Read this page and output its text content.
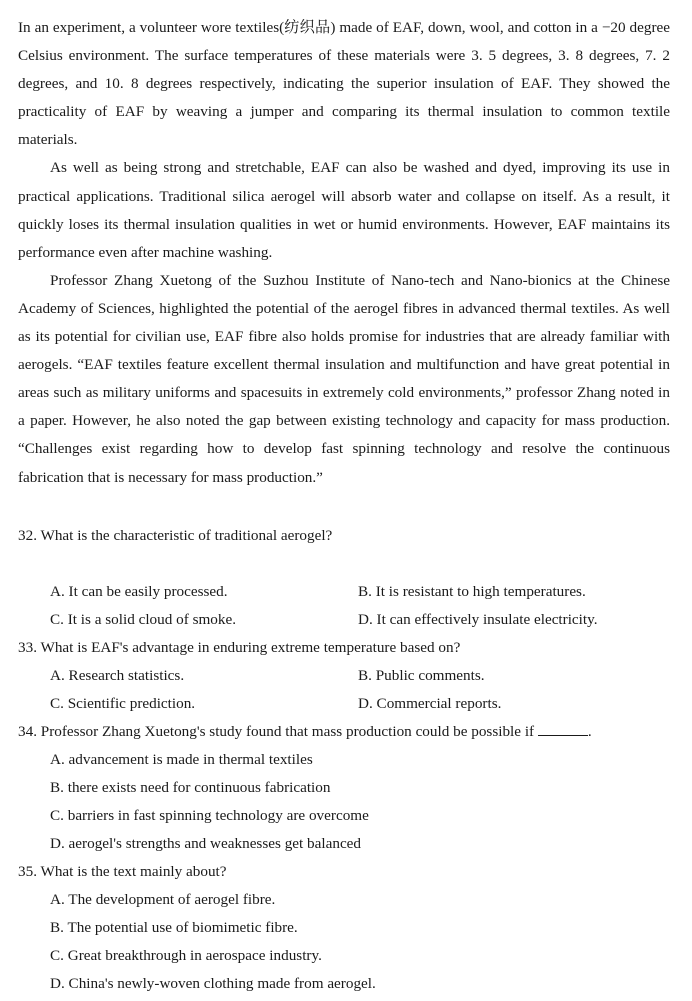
In an experiment, a volunteer wore textiles(纺织品) made of EAF, down, wool, and cotton in a −20 degree Celsius environment. The surface temperatures of these materials were 3. 5 degrees, 3. 8 degrees, 7. 2 degrees, and 10. 8 degrees respectively, indicating the superior insulation of EAF. They showed the practicality of EAF by weaving a jumper and comparing its thermal insulation to common textile materials.

As well as being strong and stretchable, EAF can also be washed and dyed, improving its use in practical applications. Traditional silica aerogel will absorb water and collapse on itself. As a result, it quickly loses its thermal insulation qualities in wet or humid environments. However, EAF maintains its performance even after machine washing.

Professor Zhang Xuetong of the Suzhou Institute of Nano-tech and Nano-bionics at the Chinese Academy of Sciences, highlighted the potential of the aerogel fibres in advanced thermal textiles. As well as its potential for civilian use, EAF fibre also holds promise for industries that are already familiar with aerogels. “EAF textiles feature excellent thermal insulation and multifunction and have great potential in areas such as military uniforms and spacesuits in extremely cold environments,” professor Zhang noted in a paper. However, he also noted the gap between existing technology and capacity for mass production. “Challenges exist regarding how to develop fast spinning technology and resolve the continuous fabrication that is necessary for mass production.”

32. What is the characteristic of traditional aerogel?
A. It can be easily processed.	B. It is resistant to high temperatures.
C. It is a solid cloud of smoke.	D. It can effectively insulate electricity.
33. What is EAF's advantage in enduring extreme temperature based on?
A. Research statistics.	B. Public comments.
C. Scientific prediction.	D. Commercial reports.
34. Professor Zhang Xuetong's study found that mass production could be possible if	.
A. advancement is made in thermal textiles
B. there exists need for continuous fabrication
C. barriers in fast spinning technology are overcome
D. aerogel's strengths and weaknesses get balanced
35. What is the text mainly about?
A. The development of aerogel fibre.
B. The potential use of biomimetic fibre.
C. Great breakthrough in aerospace industry.
D. China's newly-woven clothing made from aerogel.
